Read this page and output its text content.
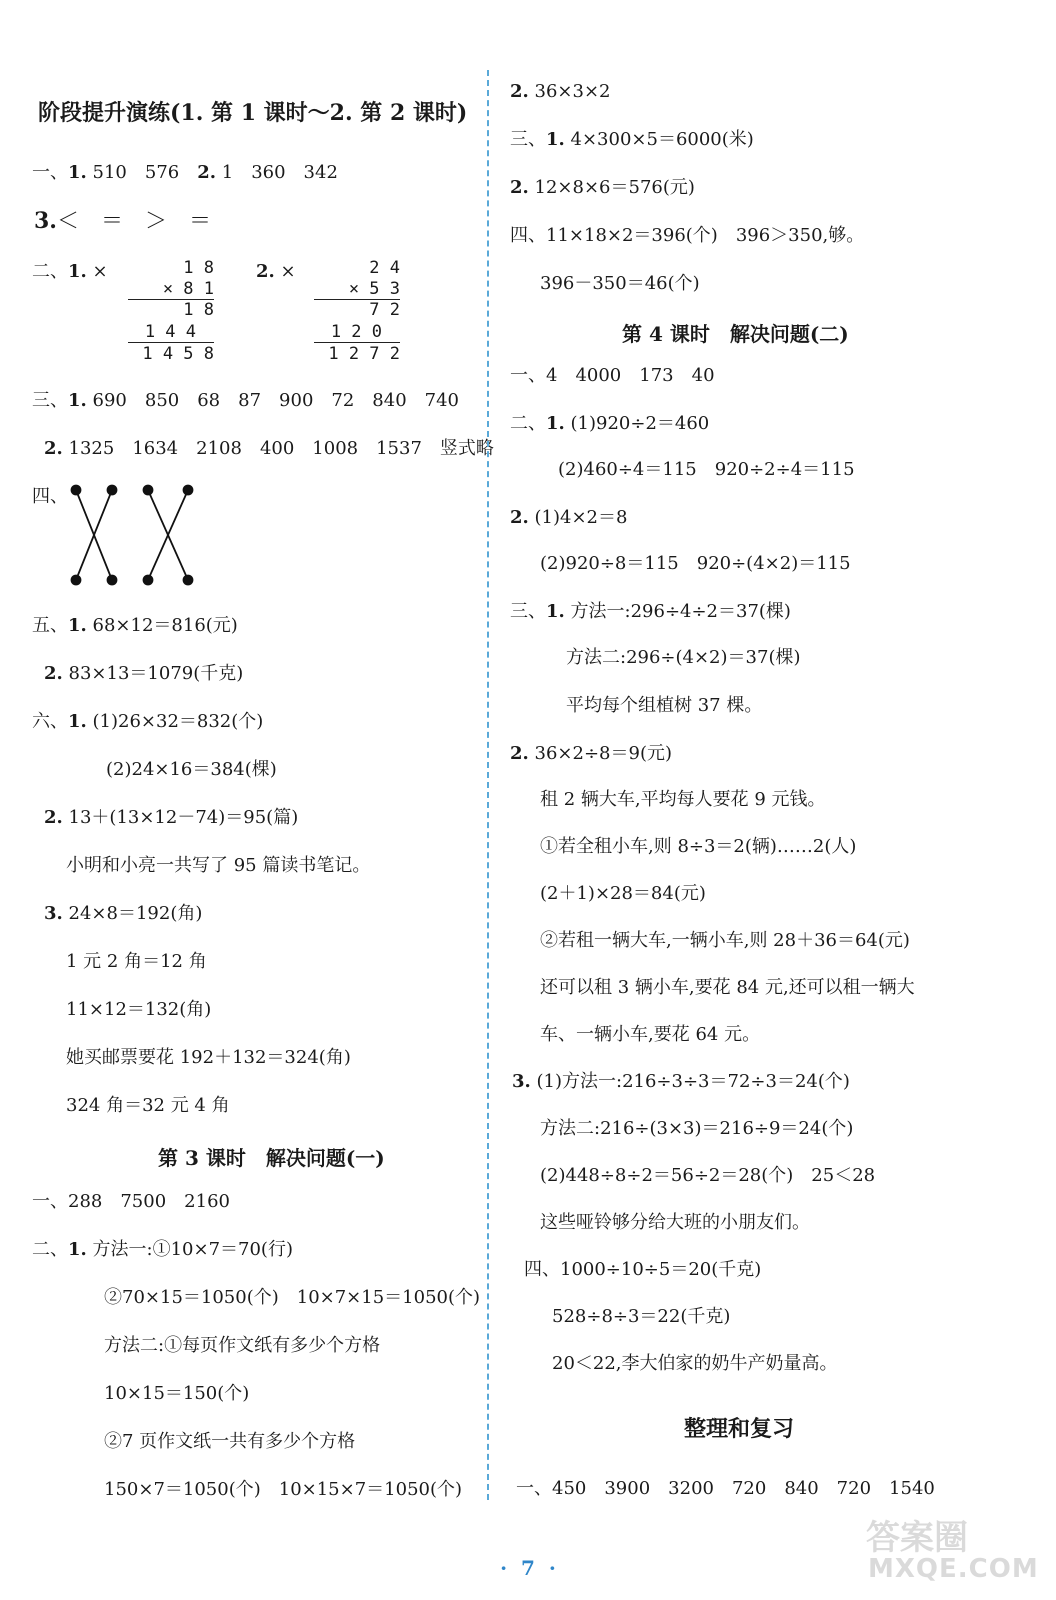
阶段提升演练(1. 第 1 课时～2. 第 2 课时)
一、1. 510　576　2. 1　360　342
3.＜　＝　＞　＝
二、1. ×	2. ×
1 8
× 8 1
1 8
1 4 4
1 4 5 8
2 4
× 5 3
7 2
1 2 0
1 2 7 2
三、1. 690　850　68　87　900　72　840　740
2. 1325　1634　2108　400　1008　1537　竖式略
四、
五、1. 68×12＝816(元)
2. 83×13＝1079(千克)
六、1. (1)26×32＝832(个)
(2)24×16＝384(棵)
2. 13＋(13×12－74)＝95(篇)
小明和小亮一共写了 95 篇读书笔记。
3. 24×8＝192(角)
1 元 2 角＝12 角
11×12＝132(角)
她买邮票要花 192＋132＝324(角)
324 角＝32 元 4 角
第 3 课时　解决问题(一)
一、288　7500　2160
二、1. 方法一:①10×7＝70(行)
②70×15＝1050(个)　10×7×15＝1050(个)
方法二:①每页作文纸有多少个方格
10×15＝150(个)
②7 页作文纸一共有多少个方格
150×7＝1050(个)　10×15×7＝1050(个)
2. 36×3×2
三、1. 4×300×5＝6000(米)
2. 12×8×6＝576(元)
四、11×18×2＝396(个)　396＞350,够。
396－350＝46(个)
第 4 课时　解决问题(二)
一、4　4000　173　40
二、1. (1)920÷2＝460
(2)460÷4＝115　920÷2÷4＝115
2. (1)4×2＝8
(2)920÷8＝115　920÷(4×2)＝115
三、1. 方法一:296÷4÷2＝37(棵)
方法二:296÷(4×2)＝37(棵)
平均每个组植树 37 棵。
2. 36×2÷8＝9(元)
租 2 辆大车,平均每人要花 9 元钱。
①若全租小车,则 8÷3＝2(辆)……2(人)
(2＋1)×28＝84(元)
②若租一辆大车,一辆小车,则 28＋36＝64(元)
还可以租 3 辆小车,要花 84 元,还可以租一辆大
车、一辆小车,要花 64 元。
3. (1)方法一:216÷3÷3＝72÷3＝24(个)
方法二:216÷(3×3)＝216÷9＝24(个)
(2)448÷8÷2＝56÷2＝28(个)　25＜28
这些哑铃够分给大班的小朋友们。
四、1000÷10÷5＝20(千克)
528÷8÷3＝22(千克)
20＜22,李大伯家的奶牛产奶量高。
整理和复习
一、450　3900　3200　720　840　720　1540
· 7 ·
答案圈
MXQE.COM
